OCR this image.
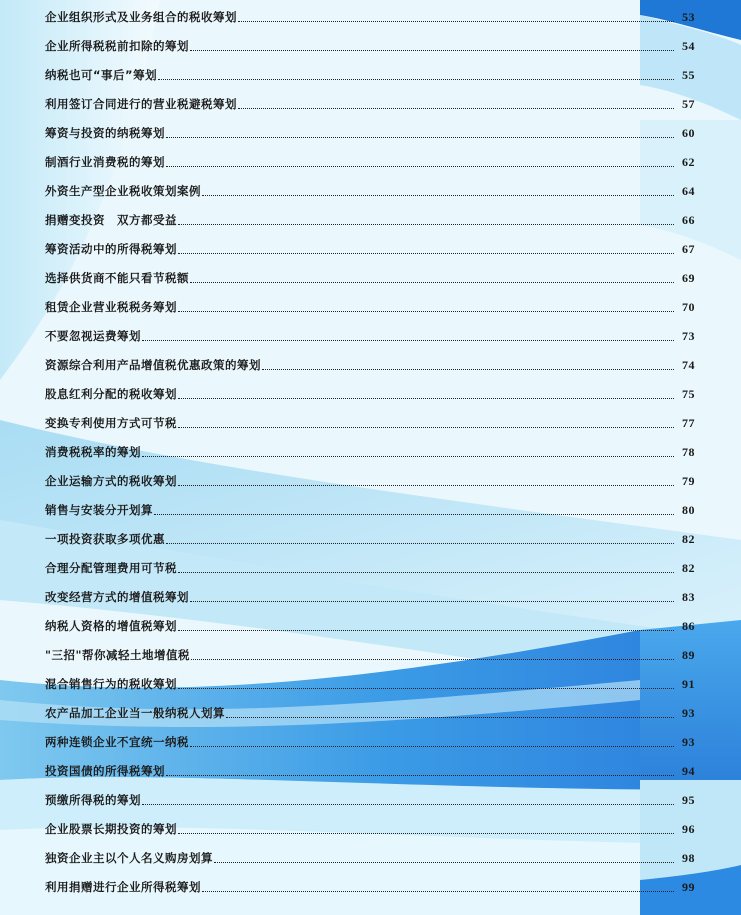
企业组织形式及业务组合的税收筹划	53
企业所得税税前扣除的筹划	54
纳税也可“事后”筹划	55
利用签订合同进行的营业税避税筹划	57
筹资与投资的纳税筹划	60
制酒行业消费税的筹划	62
外资生产型企业税收策划案例	64
捐赠变投资　双方都受益	66
筹资活动中的所得税筹划	67
选择供货商不能只看节税额	69
租赁企业营业税税务筹划	70
不要忽视运费筹划	73
资源综合利用产品增值税优惠政策的筹划	74
股息红利分配的税收筹划	75
变换专利使用方式可节税	77
消费税税率的筹划	78
企业运输方式的税收筹划	79
销售与安装分开划算	80
一项投资获取多项优惠	82
合理分配管理费用可节税	82
改变经营方式的增值税筹划	83
纳税人资格的增值税筹划	86
"三招"帮你减轻土地增值税	89
混合销售行为的税收筹划	91
农产品加工企业当一般纳税人划算	93
两种连锁企业不宜统一纳税	93
投资国债的所得税筹划	94
预缴所得税的筹划	95
企业股票长期投资的筹划	96
独资企业主以个人名义购房划算	98
利用捐赠进行企业所得税筹划	99
